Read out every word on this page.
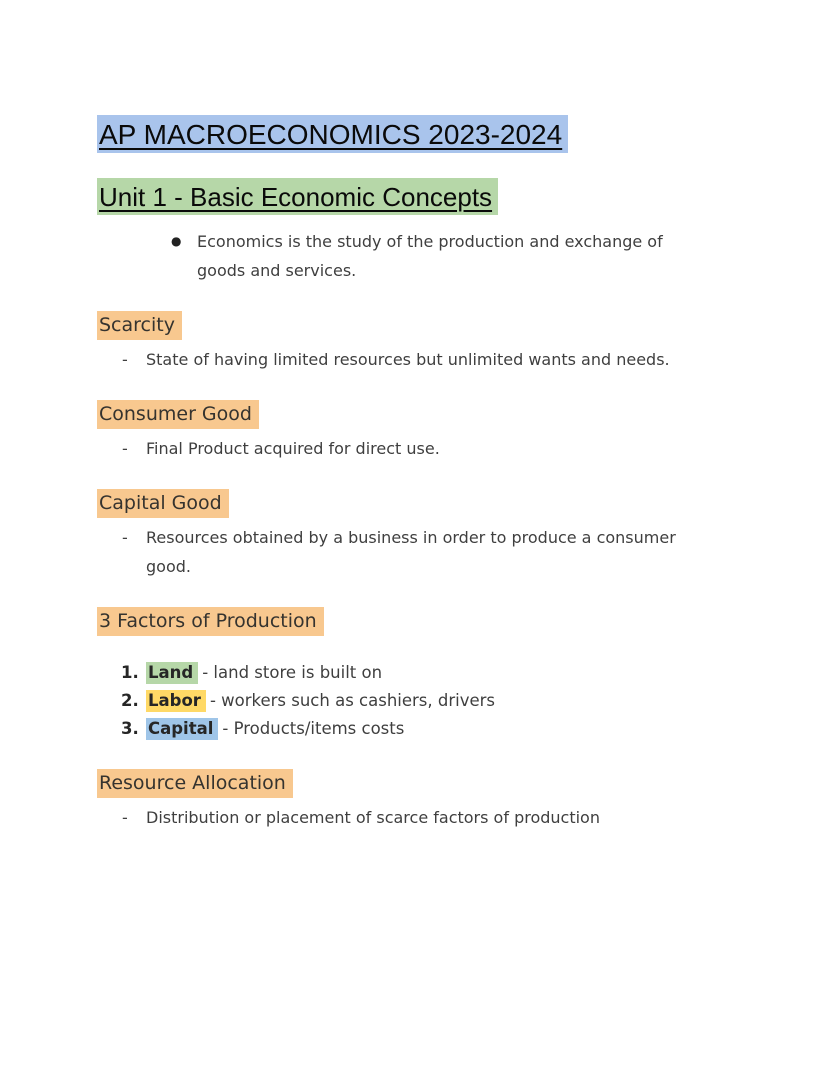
AP MACROECONOMICS 2023-2024
Unit 1 - Basic Economic Concepts
● Economics is the study of the production and exchange of goods and services.
Scarcity
-	State of having limited resources but unlimited wants and needs.
Consumer Good
-	Final Product acquired for direct use.
Capital Good
-	Resources obtained by a business in order to produce a consumer good.
3 Factors of Production
1. Land - land store is built on
2. Labor - workers such as cashiers, drivers
3. Capital - Products/items costs
Resource Allocation
-	Distribution or placement of scarce factors of production
